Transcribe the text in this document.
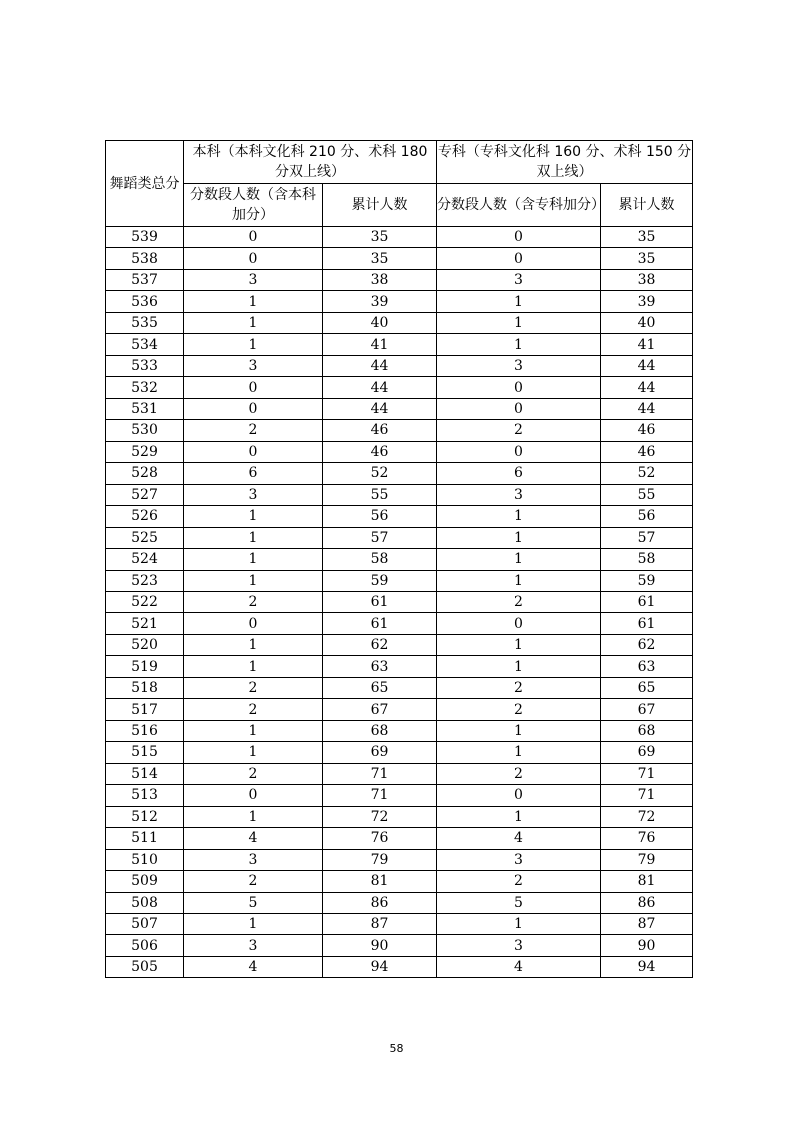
舞蹈类总分	本科（本科文化科 210 分、术科 180 分双上线）		专科（专科文化科 160 分、术科 150 分双上线）	
	分数段人数（含本科加分）	累计人数	分数段人数（含专科加分）	累计人数
539	0	35	0	35
538	0	35	0	35
537	3	38	3	38
536	1	39	1	39
535	1	40	1	40
534	1	41	1	41
533	3	44	3	44
532	0	44	0	44
531	0	44	0	44
530	2	46	2	46
529	0	46	0	46
528	6	52	6	52
527	3	55	3	55
526	1	56	1	56
525	1	57	1	57
524	1	58	1	58
523	1	59	1	59
522	2	61	2	61
521	0	61	0	61
520	1	62	1	62
519	1	63	1	63
518	2	65	2	65
517	2	67	2	67
516	1	68	1	68
515	1	69	1	69
514	2	71	2	71
513	0	71	0	71
512	1	72	1	72
511	4	76	4	76
510	3	79	3	79
509	2	81	2	81
508	5	86	5	86
507	1	87	1	87
506	3	90	3	90
505	4	94	4	94
58
